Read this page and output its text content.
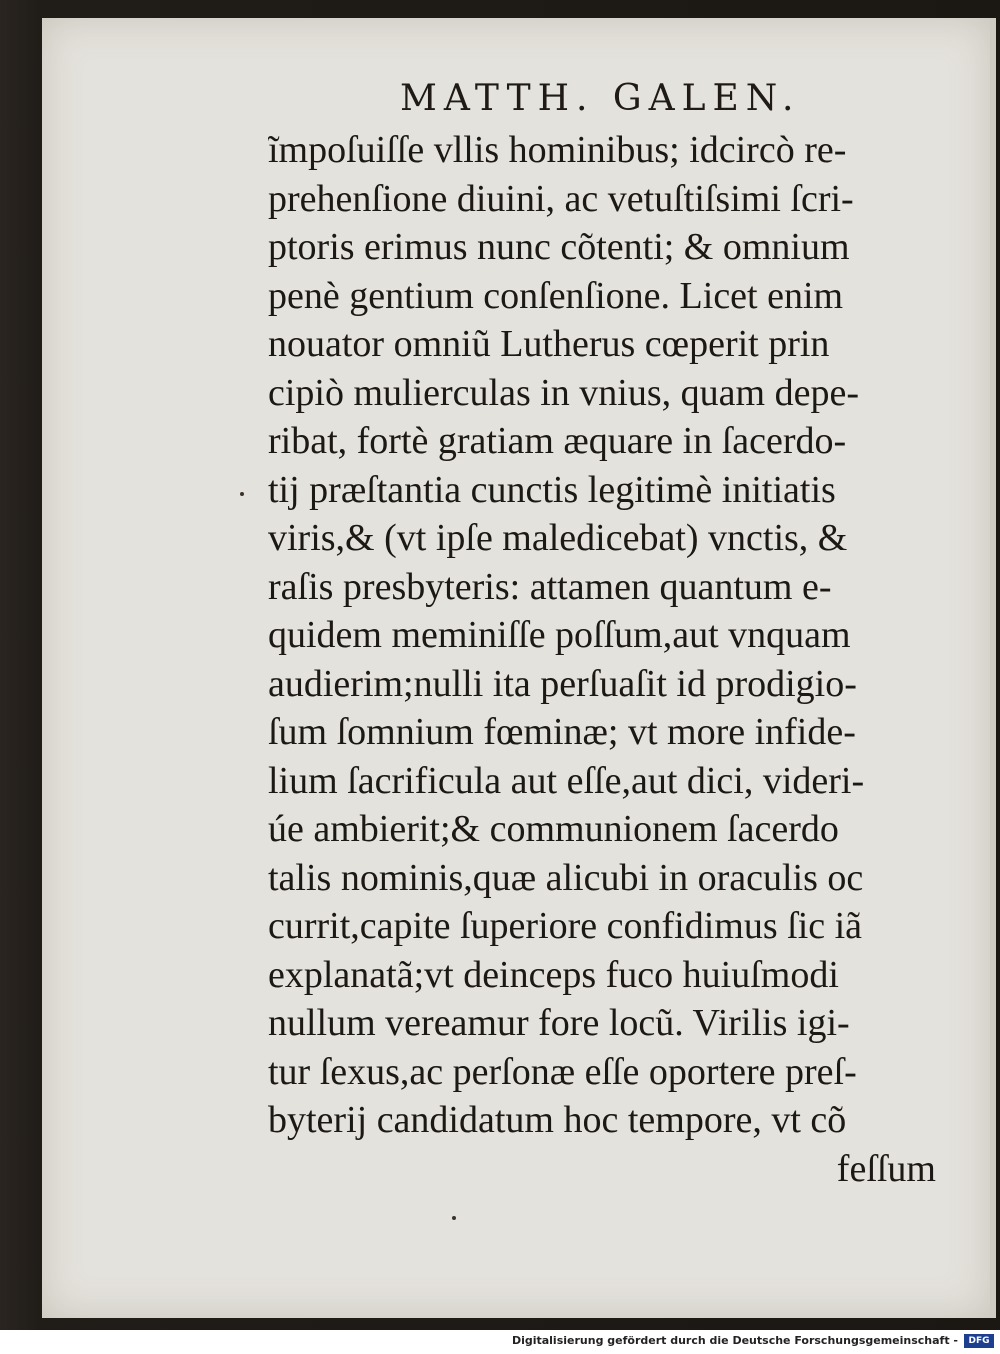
MATTH. GALEN.
ĩmpoſuiſſe vllis hominibus; idcircò re-
prehenſione diuini, ac vetuſtiſsimi ſcri-
ptoris erimus nunc cõtenti; & omnium
penè gentium conſenſione. Licet enim
nouator omniũ Lutherus cœperit prin
cipiò mulierculas in vnius, quam depe-
ribat, fortè gratiam æquare in ſacerdo-
tij præſtantia cunctis legitimè initiatis
viris,& (vt ipſe maledicebat) vnctis, &
raſis presbyteris: attamen quantum e-
quidem meminiſſe poſſum,aut vnquam
audierim;nulli ita perſuaſit id prodigio-
ſum ſomnium fœminæ; vt more infide-
lium ſacrificula aut eſſe,aut dici, videri-
úe ambierit;& communionem ſacerdo
talis nominis,quæ alicubi in oraculis oc
currit,capite ſuperiore confidimus ſic iã
explanatã;vt deinceps fuco huiuſmodi
nullum vereamur fore locũ. Virilis igi-
tur ſexus,ac perſonæ eſſe oportere preſ-
byterij candidatum hoc tempore, vt cõ
feſſum
Digitalisierung gefördert durch die Deutsche Forschungsgemeinschaft -	DFG
